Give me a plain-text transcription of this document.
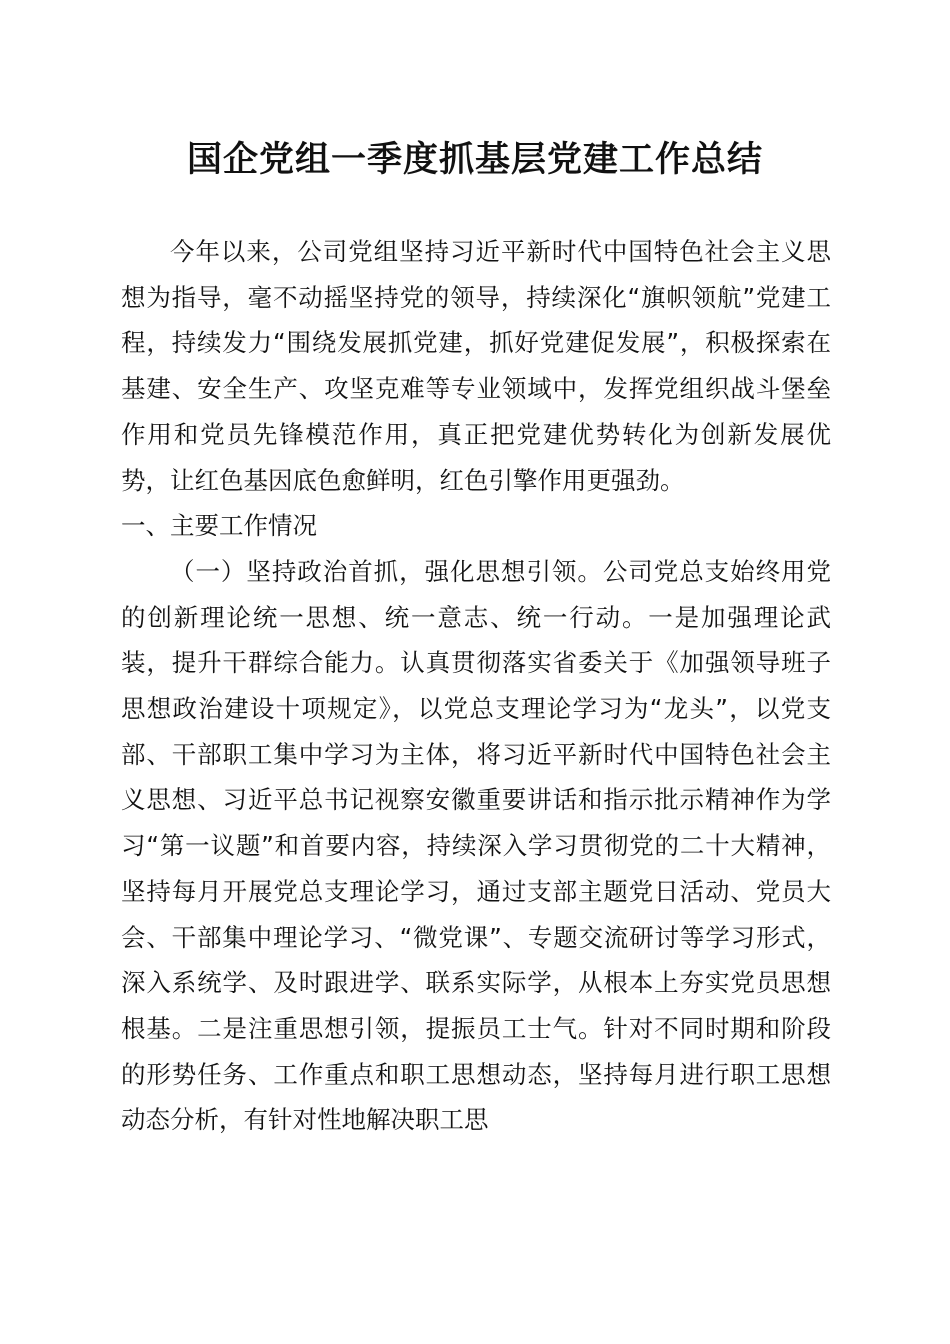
国企党组一季度抓基层党建工作总结

今年以来，公司党组坚持习近平新时代中国特色社会主义思想为指导，毫不动摇坚持党的领导，持续深化“旗帜领航”党建工程，持续发力“围绕发展抓党建，抓好党建促发展”，积极探索在基建、安全生产、攻坚克难等专业领域中，发挥党组织战斗堡垒作用和党员先锋模范作用，真正把党建优势转化为创新发展优势，让红色基因底色愈鲜明，红色引擎作用更强劲。

一、主要工作情况

（一）坚持政治首抓，强化思想引领。公司党总支始终用党的创新理论统一思想、统一意志、统一行动。一是加强理论武装，提升干群综合能力。认真贯彻落实省委关于《加强领导班子思想政治建设十项规定》，以党总支理论学习为“龙头”，以党支部、干部职工集中学习为主体，将习近平新时代中国特色社会主义思想、习近平总书记视察安徽重要讲话和指示批示精神作为学习“第一议题”和首要内容，持续深入学习贯彻党的二十大精神，坚持每月开展党总支理论学习，通过支部主题党日活动、党员大会、干部集中理论学习、“微党课”、专题交流研讨等学习形式，深入系统学、及时跟进学、联系实际学，从根本上夯实党员思想根基。二是注重思想引领，提振员工士气。针对不同时期和阶段的形势任务、工作重点和职工思想动态，坚持每月进行职工思想动态分析，有针对性地解决职工思
